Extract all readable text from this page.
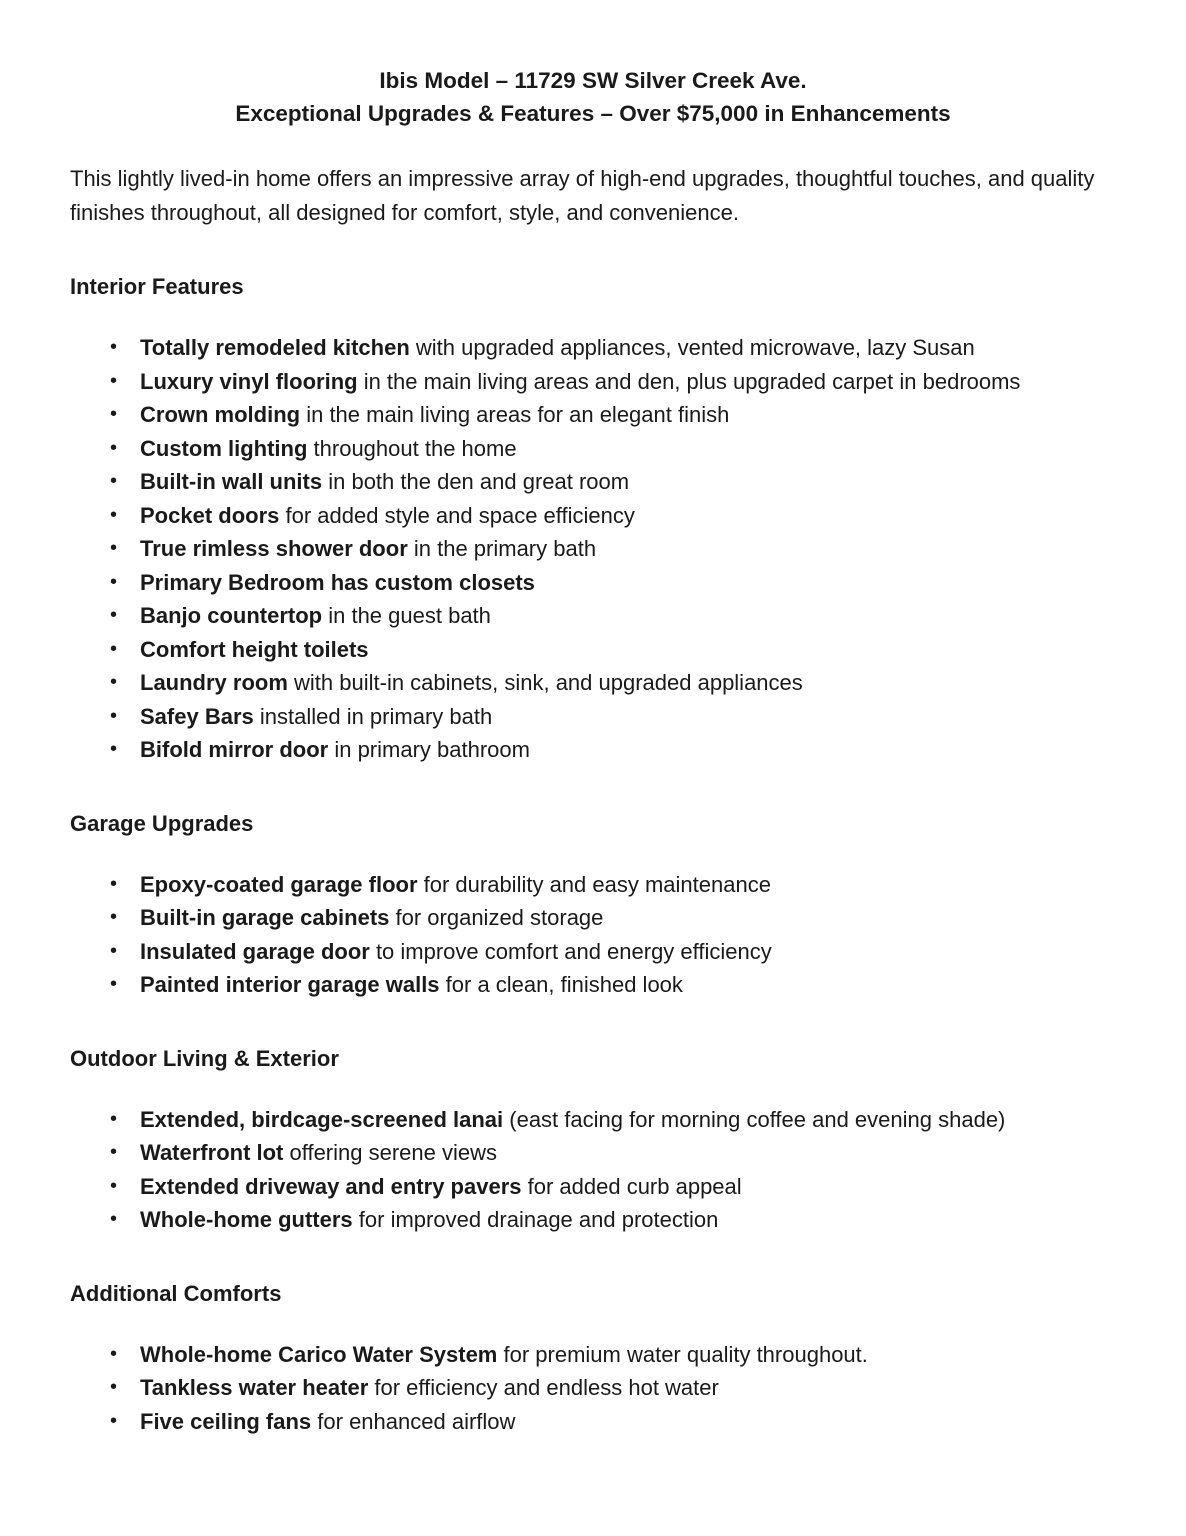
Ibis Model – 11729 SW Silver Creek Ave.

Exceptional Upgrades & Features – Over $75,000 in Enhancements

This lightly lived-in home offers an impressive array of high-end upgrades, thoughtful touches, and quality finishes throughout, all designed for comfort, style, and convenience.

Interior Features
• Totally remodeled kitchen with upgraded appliances, vented microwave, lazy Susan
• Luxury vinyl flooring in the main living areas and den, plus upgraded carpet in bedrooms
• Crown molding in the main living areas for an elegant finish
• Custom lighting throughout the home
• Built-in wall units in both the den and great room
• Pocket doors for added style and space efficiency
• True rimless shower door in the primary bath
• Primary Bedroom has custom closets
• Banjo countertop in the guest bath
• Comfort height toilets
• Laundry room with built-in cabinets, sink, and upgraded appliances
• Safey Bars installed in primary bath
• Bifold mirror door in primary bathroom
Garage Upgrades
• Epoxy-coated garage floor for durability and easy maintenance
• Built-in garage cabinets for organized storage
• Insulated garage door to improve comfort and energy efficiency
• Painted interior garage walls for a clean, finished look
Outdoor Living & Exterior
• Extended, birdcage-screened lanai (east facing for morning coffee and evening shade)
• Waterfront lot offering serene views
• Extended driveway and entry pavers for added curb appeal
• Whole-home gutters for improved drainage and protection
Additional Comforts
• Whole-home Carico Water System for premium water quality throughout.
• Tankless water heater for efficiency and endless hot water
• Five ceiling fans for enhanced airflow
